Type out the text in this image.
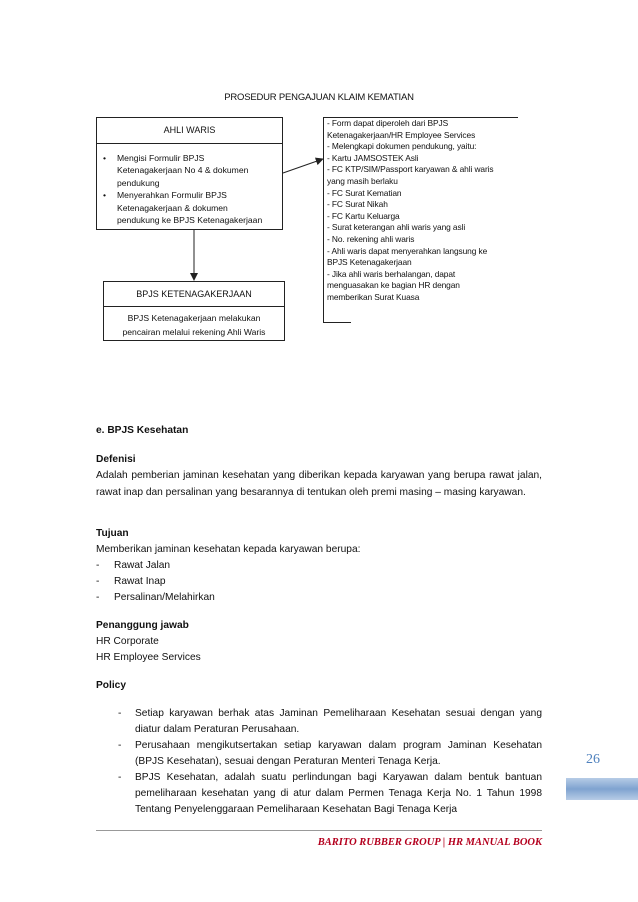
PROSEDUR PENGAJUAN KLAIM KEMATIAN
AHLI WARIS
• Mengisi Formulir BPJS
Ketenagakerjaan No 4 & dokumen
pendukung
• Menyerahkan Formulir BPJS
Ketenagakerjaan & dokumen
pendukung ke BPJS Ketenagakerjaan
BPJS KETENAGAKERJAAN
BPJS Ketenagakerjaan melakukan
pencairan melalui rekening Ahli Waris
- Form dapat diperoleh dari BPJS
Ketenagakerjaan/HR Employee Services
- Melengkapi dokumen pendukung, yaitu:
- Kartu JAMSOSTEK Asli
- FC KTP/SIM/Passport karyawan & ahli waris
yang masih berlaku
- FC Surat Kematian
- FC Surat Nikah
- FC Kartu Keluarga
- Surat keterangan ahli waris yang asli
- No. rekening ahli waris
- Ahli waris dapat menyerahkan langsung ke
BPJS Ketenagakerjaan
- Jika ahli waris berhalangan, dapat
menguasakan ke bagian HR dengan
memberikan Surat Kuasa
e. BPJS Kesehatan
Defenisi
Adalah pemberian jaminan kesehatan yang diberikan kepada karyawan yang berupa rawat jalan, rawat inap dan persalinan yang besarannya di tentukan oleh premi masing – masing karyawan.
Tujuan
Memberikan jaminan kesehatan kepada karyawan berupa:
- Rawat Jalan
- Rawat Inap
- Persalinan/Melahirkan
Penanggung jawab
HR Corporate
HR Employee Services
Policy
-	Setiap karyawan berhak atas Jaminan Pemeliharaan Kesehatan sesuai dengan yang diatur dalam Peraturan Perusahaan.
-	Perusahaan mengikutsertakan setiap karyawan dalam program Jaminan Kesehatan (BPJS Kesehatan), sesuai dengan Peraturan Menteri Tenaga Kerja.
-	BPJS Kesehatan, adalah suatu perlindungan bagi Karyawan dalam bentuk bantuan pemeliharaan kesehatan yang di atur dalam Permen Tenaga Kerja No. 1 Tahun 1998 Tentang Penyelenggaraan Pemeliharaan Kesehatan Bagi Tenaga Kerja
26
BARITO RUBBER GROUP | HR MANUAL BOOK
